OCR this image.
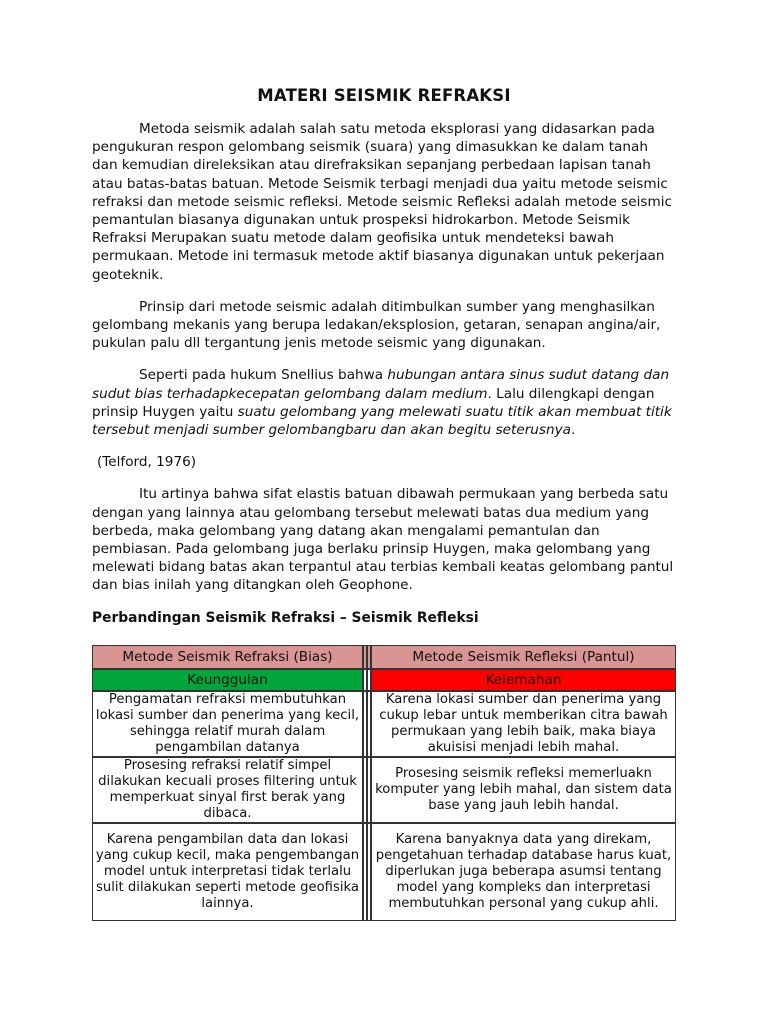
MATERI SEISMIK REFRAKSI

Metoda seismik adalah salah satu metoda eksplorasi yang didasarkan pada pengukuran respon gelombang seismik (suara) yang dimasukkan ke dalam tanah dan kemudian direleksikan atau direfraksikan sepanjang perbedaan lapisan tanah atau batas-batas batuan. Metode Seismik terbagi menjadi dua yaitu metode seismic refraksi dan metode seismic refleksi. Metode seismic Refleksi adalah metode seismic pemantulan biasanya digunakan untuk prospeksi hidrokarbon. Metode Seismik Refraksi Merupakan suatu metode dalam geofisika untuk mendeteksi bawah permukaan. Metode ini termasuk metode aktif biasanya digunakan untuk pekerjaan geoteknik.

Prinsip dari metode seismic adalah ditimbulkan sumber yang menghasilkan gelombang mekanis yang berupa ledakan/eksplosion, getaran, senapan angina/air, pukulan palu dll tergantung jenis metode seismic yang digunakan.

Seperti pada hukum Snellius bahwa hubungan antara sinus sudut datang dan sudut bias terhadapkecepatan gelombang dalam medium. Lalu dilengkapi dengan prinsip Huygen yaitu suatu gelombang yang melewati suatu titik akan membuat titik tersebut menjadi sumber gelombangbaru dan akan begitu seterusnya.

(Telford, 1976)

Itu artinya bahwa sifat elastis batuan dibawah permukaan yang berbeda satu dengan yang lainnya atau gelombang tersebut melewati batas dua medium yang berbeda, maka gelombang yang datang akan mengalami pemantulan dan pembiasan. Pada gelombang juga berlaku prinsip Huygen, maka gelombang yang melewati bidang batas akan terpantul atau terbias kembali keatas gelombang pantul dan bias inilah yang ditangkan oleh Geophone.

Perbandingan Seismik Refraksi – Seismik Refleksi
Metode Seismik Refraksi (Bias)			Metode Seismik Refleksi (Pantul)
Keunggulan			Kelemahan
Pengamatan refraksi membutuhkan lokasi sumber dan penerima yang kecil, sehingga relatif murah dalam pengambilan datanya			Karena lokasi sumber dan penerima yang cukup lebar untuk memberikan citra bawah permukaan yang lebih baik, maka biaya akuisisi menjadi lebih mahal.
Prosesing refraksi relatif simpel dilakukan kecuali proses filtering untuk memperkuat sinyal first berak yang dibaca.			Prosesing seismik refleksi memerluakn komputer yang lebih mahal, dan sistem data base yang jauh lebih handal.
Karena pengambilan data dan lokasi yang cukup kecil, maka pengembangan model untuk interpretasi tidak terlalu sulit dilakukan seperti metode geofisika lainnya.			Karena banyaknya data yang direkam, pengetahuan terhadap database harus kuat, diperlukan juga beberapa asumsi tentang model yang kompleks dan interpretasi membutuhkan personal yang cukup ahli.
